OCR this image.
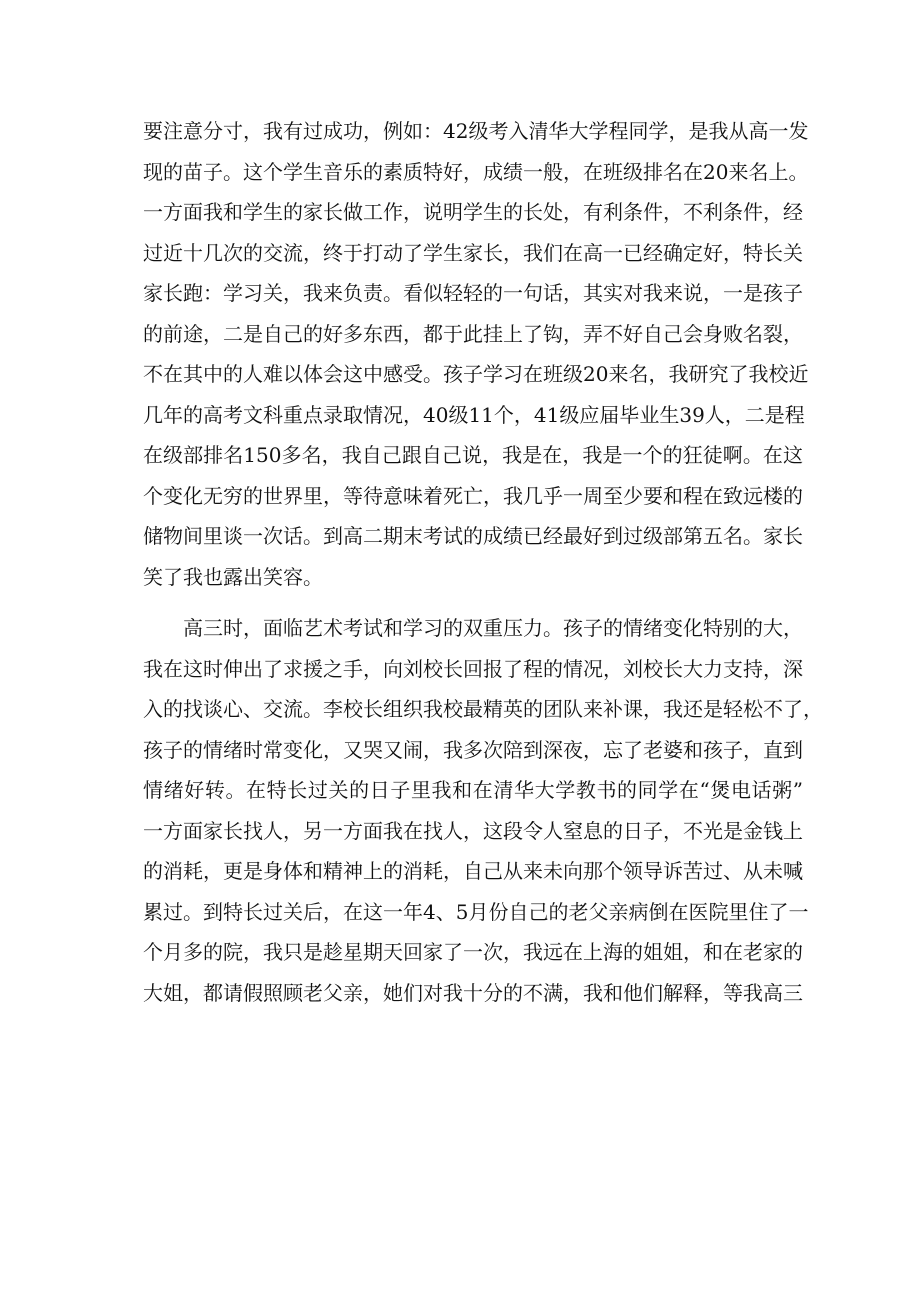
要注意分寸，我有过成功，例如：42级考入清华大学程同学，是我从高一发
现的苗子。这个学生音乐的素质特好，成绩一般，在班级排名在20来名上。
一方面我和学生的家长做工作，说明学生的长处，有利条件，不利条件，经
过近十几次的交流，终于打动了学生家长，我们在高一已经确定好，特长关
家长跑：学习关，我来负责。看似轻轻的一句话，其实对我来说，一是孩子
的前途，二是自己的好多东西，都于此挂上了钩，弄不好自己会身败名裂，
不在其中的人难以体会这中感受。孩子学习在班级20来名，我研究了我校近
几年的高考文科重点录取情况，40级11个，41级应届毕业生39人，二是程
在级部排名150多名，我自己跟自己说，我是在，我是一个的狂徒啊。在这
个变化无穷的世界里，等待意味着死亡，我几乎一周至少要和程在致远楼的
储物间里谈一次话。到高二期末考试的成绩已经最好到过级部第五名。家长
笑了我也露出笑容。
高三时，面临艺术考试和学习的双重压力。孩子的情绪变化特别的大，
我在这时伸出了求援之手，向刘校长回报了程的情况，刘校长大力支持，深
入的找谈心、交流。李校长组织我校最精英的团队来补课，我还是轻松不了，
孩子的情绪时常变化，又哭又闹，我多次陪到深夜，忘了老婆和孩子，直到
情绪好转。在特长过关的日子里我和在清华大学教书的同学在“煲电话粥”
一方面家长找人，另一方面我在找人，这段令人窒息的日子，不光是金钱上
的消耗，更是身体和精神上的消耗，自己从来未向那个领导诉苦过、从未喊
累过。到特长过关后，在这一年4、5月份自己的老父亲病倒在医院里住了一
个月多的院，我只是趁星期天回家了一次，我远在上海的姐姐，和在老家的
大姐，都请假照顾老父亲，她们对我十分的不满，我和他们解释，等我高三
